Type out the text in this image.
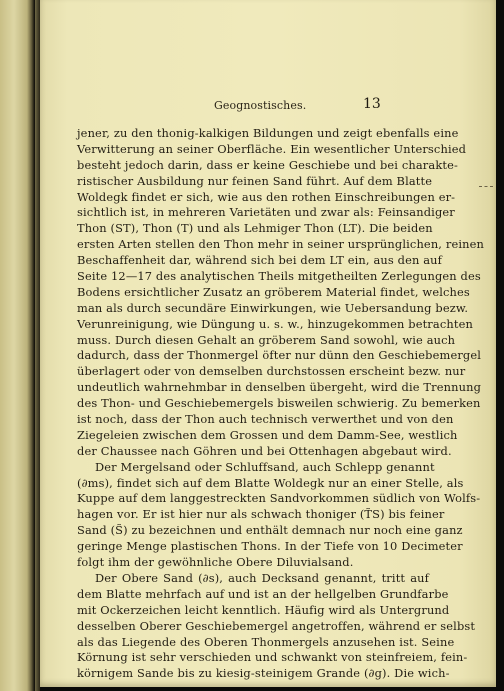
Geognostisches.	13
jener, zu den thonig-kalkigen Bildungen und zeigt ebenfalls eine
Verwitterung an seiner Oberfläche. Ein wesentlicher Unterschied
besteht jedoch darin, dass er keine Geschiebe und bei charakte-
ristischer Ausbildung nur feinen Sand führt. Auf dem Blatte
Woldegk findet er sich, wie aus den rothen Einschreibungen er-
sichtlich ist, in mehreren Varietäten und zwar als: Feinsandiger
Thon (ST), Thon (T) und als Lehmiger Thon (LT). Die beiden
ersten Arten stellen den Thon mehr in seiner ursprünglichen, reinen
Beschaffenheit dar, während sich bei dem LT ein, aus den auf
Seite 12—17 des analytischen Theils mitgetheilten Zerlegungen des
Bodens ersichtlicher Zusatz an gröberem Material findet, welches
man als durch secundäre Einwirkungen, wie Uebersandung bezw.
Verunreinigung, wie Düngung u. s. w., hinzugekommen betrachten
muss. Durch diesen Gehalt an gröberem Sand sowohl, wie auch
dadurch, dass der Thonmergel öfter nur dünn den Geschiebemergel
überlagert oder von demselben durchstossen erscheint bezw. nur
undeutlich wahrnehmbar in denselben übergeht, wird die Trennung
des Thon- und Geschiebemergels bisweilen schwierig. Zu bemerken
ist noch, dass der Thon auch technisch verwerthet und von den
Ziegeleien zwischen dem Grossen und dem Damm-See, westlich
der Chaussee nach Göhren und bei Ottenhagen abgebaut wird.
Der Mergelsand oder Schluffsand, auch Schlepp genannt
(∂ms), findet sich auf dem Blatte Woldegk nur an einer Stelle, als
Kuppe auf dem langgestreckten Sandvorkommen südlich von Wolfs-
hagen vor. Er ist hier nur als schwach thoniger (T̃S) bis feiner
Sand (S̃) zu bezeichnen und enthält demnach nur noch eine ganz
geringe Menge plastischen Thons. In der Tiefe von 10 Decimeter
folgt ihm der gewöhnliche Obere Diluvialsand.
Der Obere Sand (∂s), auch Decksand genannt, tritt auf
dem Blatte mehrfach auf und ist an der hellgelben Grundfarbe
mit Ockerzeichen leicht kenntlich. Häufig wird als Untergrund
desselben Oberer Geschiebemergel angetroffen, während er selbst
als das Liegende des Oberen Thonmergels anzusehen ist. Seine
Körnung ist sehr verschieden und schwankt von steinfreiem, fein-
körnigem Sande bis zu kiesig-steinigem Grande (∂g). Die wich-
